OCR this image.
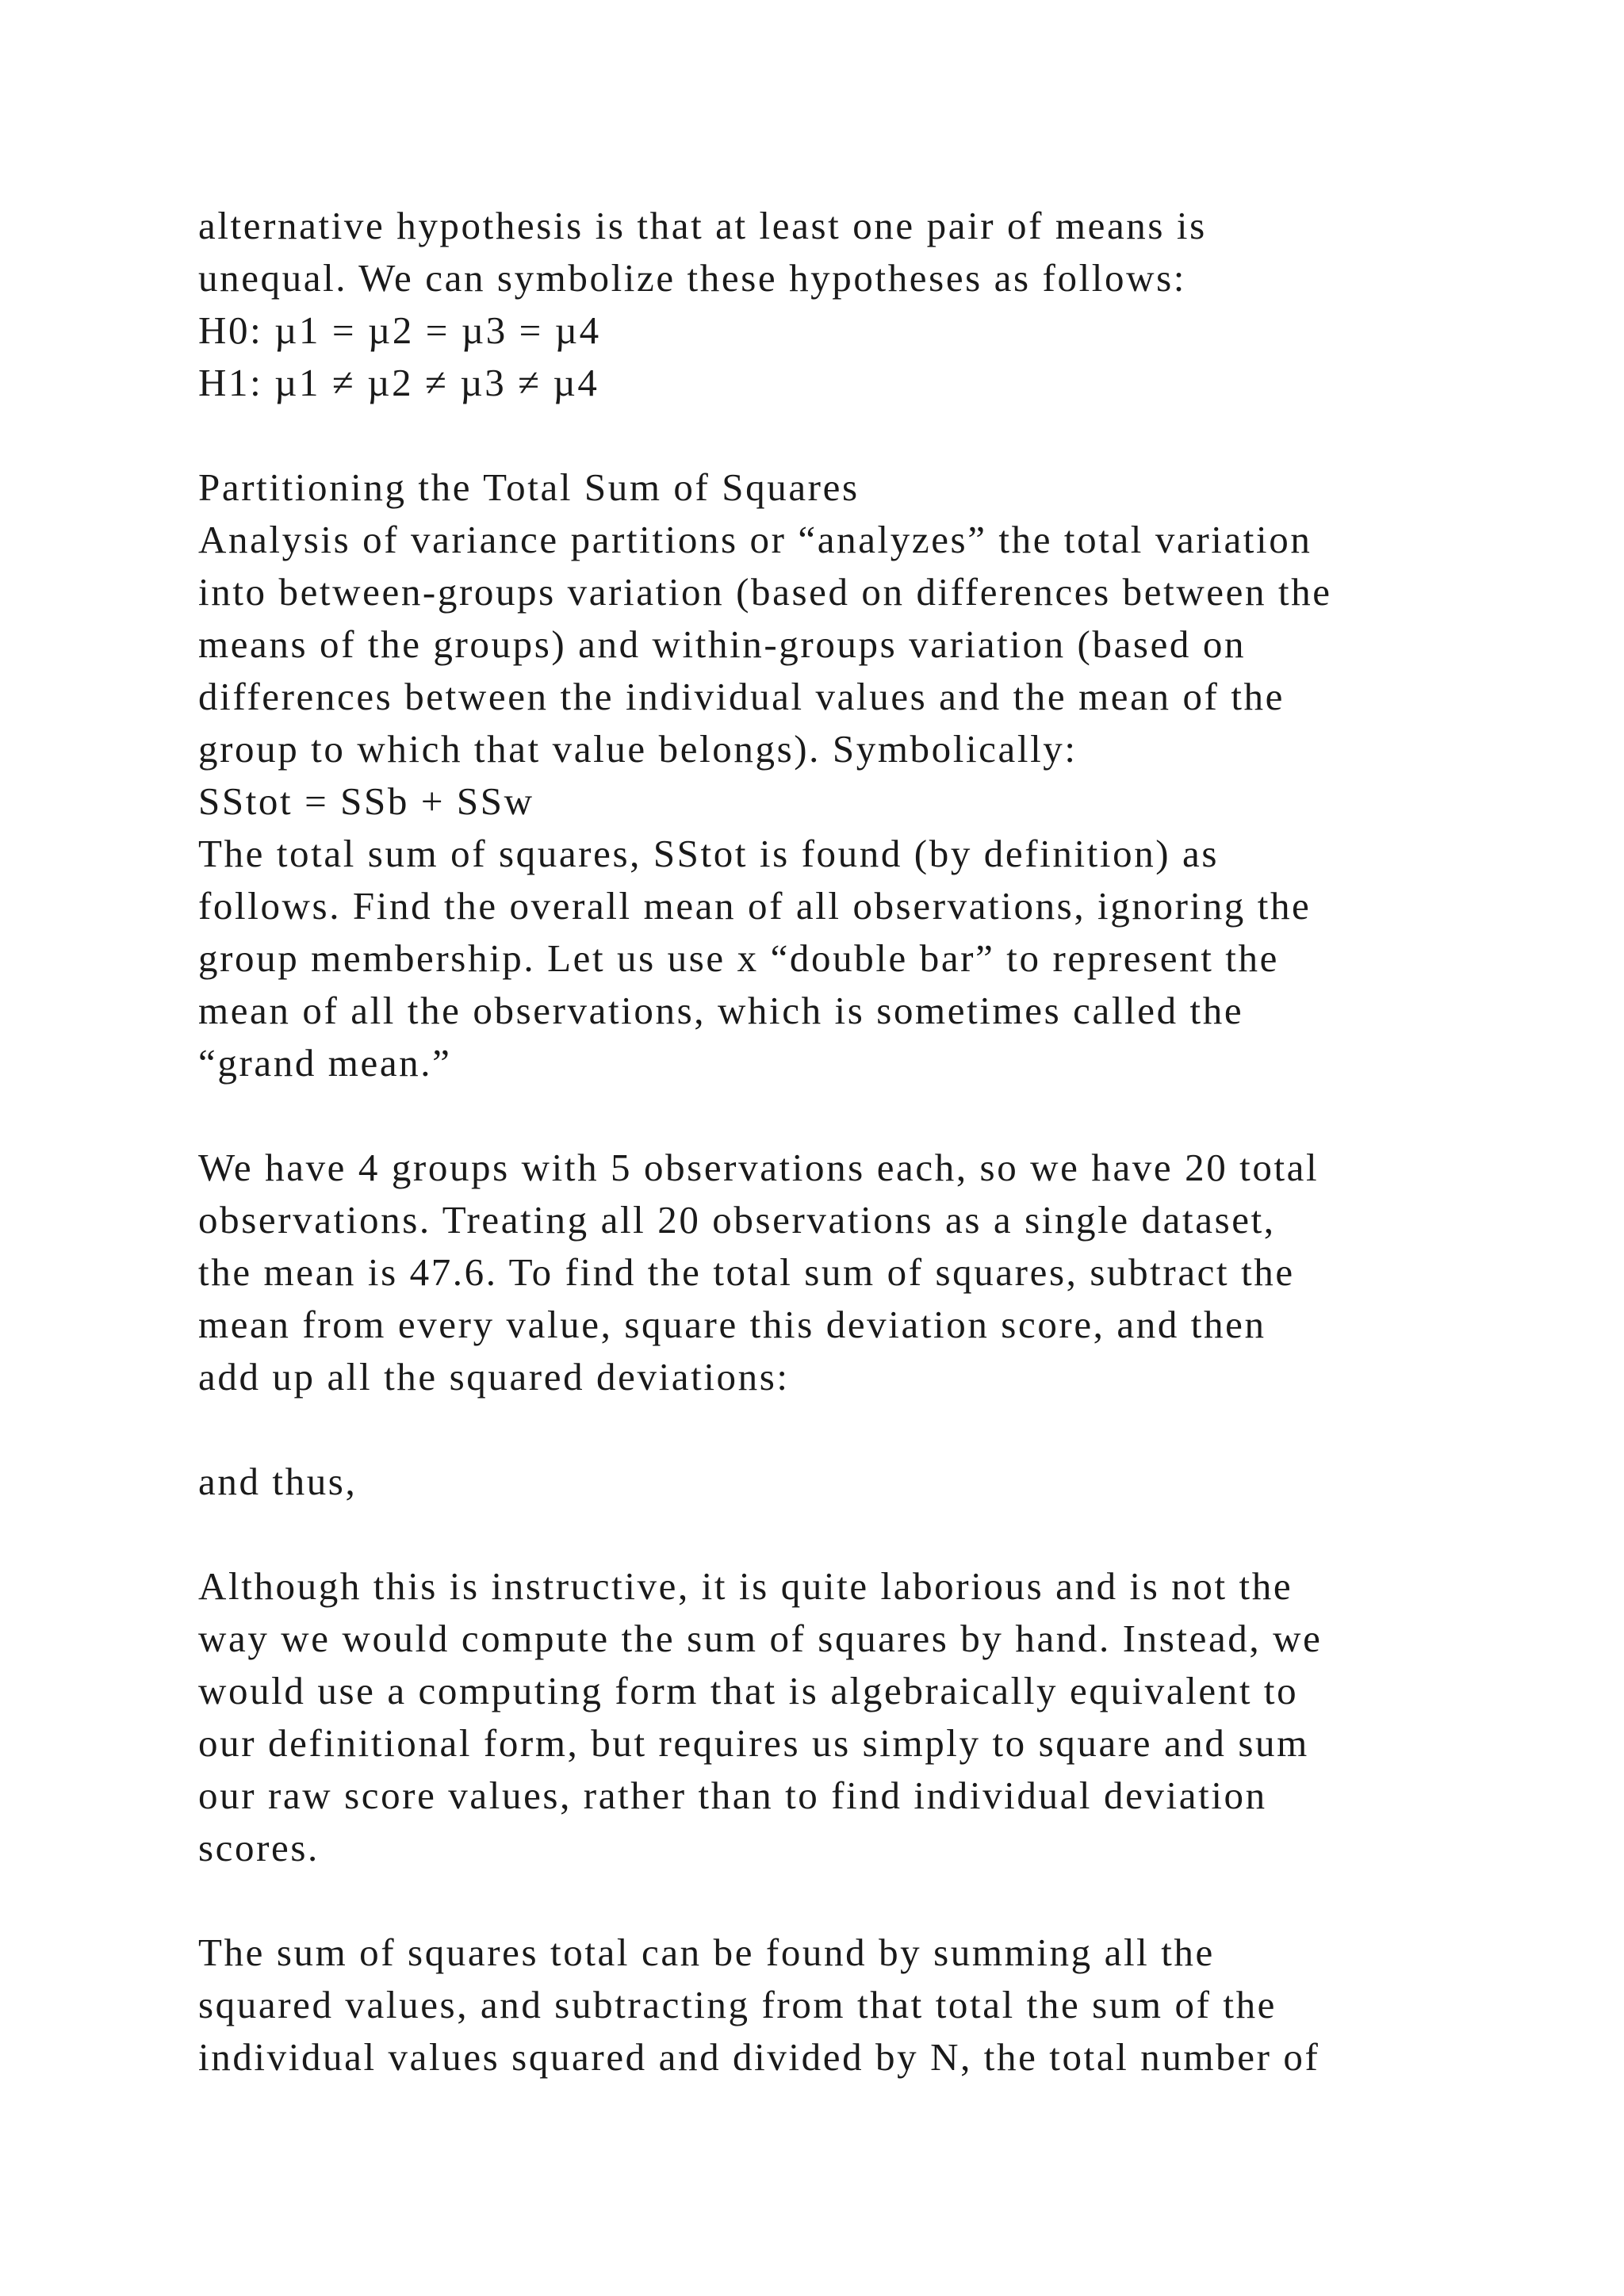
alternative hypothesis is that at least one pair of means is
unequal. We can symbolize these hypotheses as follows:
H0: µ1 = µ2 = µ3 = µ4
H1: µ1 ≠ µ2 ≠ µ3 ≠ µ4
Partitioning the Total Sum of Squares
Analysis of variance partitions or “analyzes” the total variation
into between-groups variation (based on differences between the
means of the groups) and within-groups variation (based on
differences between the individual values and the mean of the
group to which that value belongs). Symbolically:
SStot = SSb + SSw
The total sum of squares, SStot is found (by definition) as
follows. Find the overall mean of all observations, ignoring the
group membership. Let us use x “double bar” to represent the
mean of all the observations, which is sometimes called the
“grand mean.”
We have 4 groups with 5 observations each, so we have 20 total
observations. Treating all 20 observations as a single dataset,
the mean is 47.6. To find the total sum of squares, subtract the
mean from every value, square this deviation score, and then
add up all the squared deviations:
and thus,
Although this is instructive, it is quite laborious and is not the
way we would compute the sum of squares by hand. Instead, we
would use a computing form that is algebraically equivalent to
our definitional form, but requires us simply to square and sum
our raw score values, rather than to find individual deviation
scores.
The sum of squares total can be found by summing all the
squared values, and subtracting from that total the sum of the
individual values squared and divided by N, the total number of
